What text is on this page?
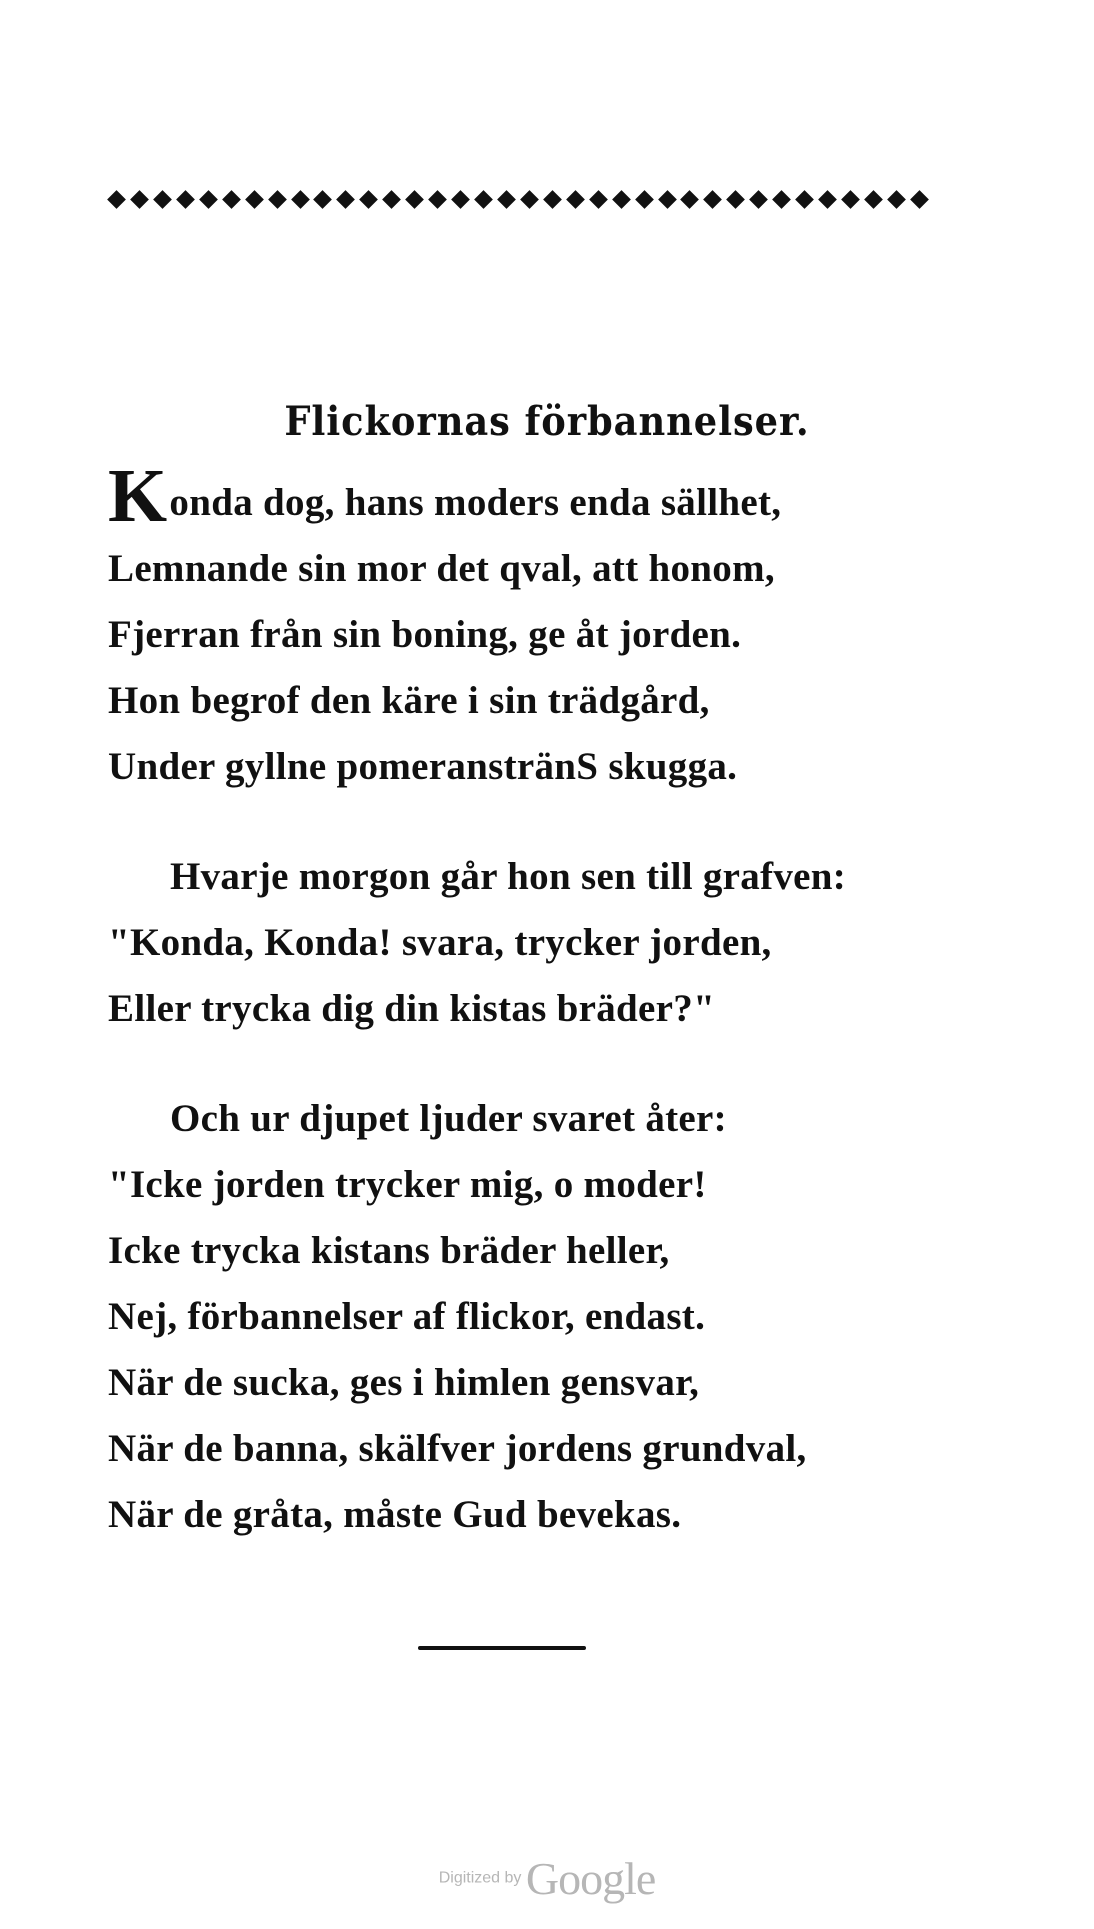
Flickornas förbannelser.
Konda dog, hans moders enda sällhet,
Lemnande sin mor det qval, att honom,
Fjerran från sin boning, ge åt jorden.
Hon begrof den käre i sin trädgård,
Under gyllne pomeranstränS skugga.
Hvarje morgon går hon sen till grafven:
"Konda, Konda! svara, trycker jorden,
Eller trycka dig din kistas bräder?"
Och ur djupet ljuder svaret åter:
"Icke jorden trycker mig, o moder!
Icke trycka kistans bräder heller,
Nej, förbannelser af flickor, endast.
När de sucka, ges i himlen gensvar,
När de banna, skälfver jordens grundval,
När de gråta, måste Gud bevekas.
Digitized by Google
